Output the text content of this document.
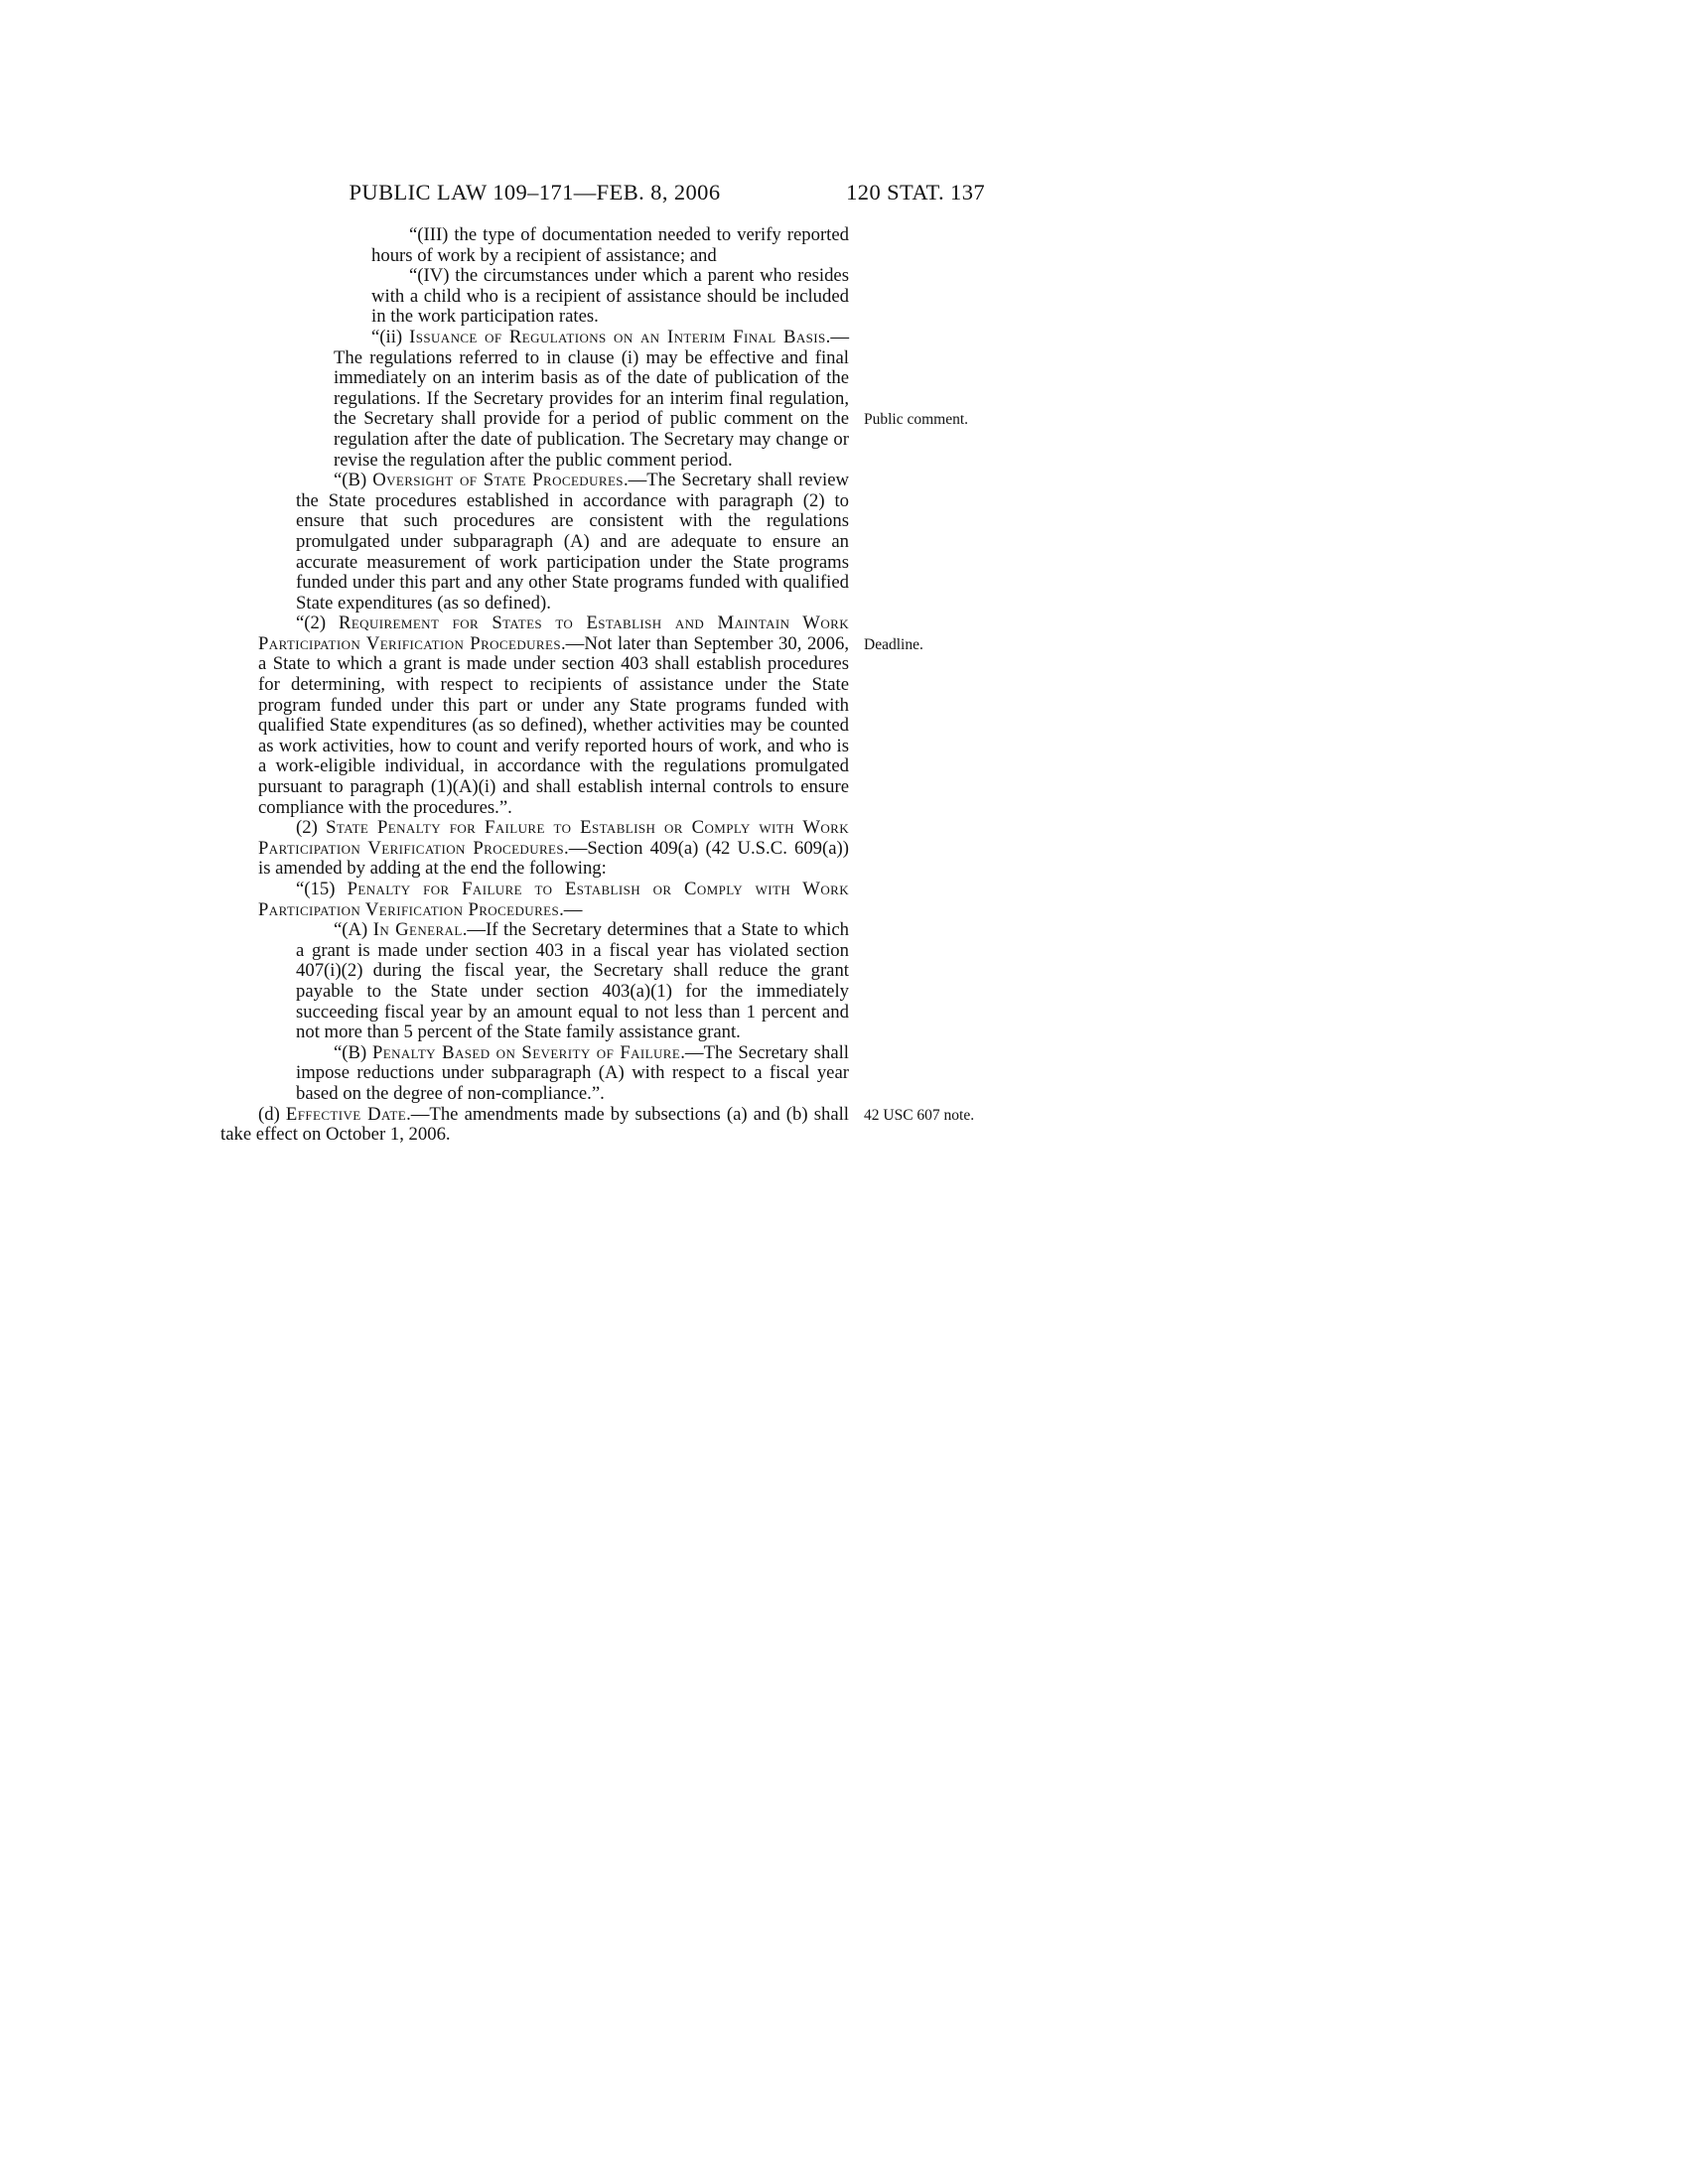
PUBLIC LAW 109–171—FEB. 8, 2006	120 STAT. 137
“(III) the type of documentation needed to verify reported hours of work by a recipient of assistance; and
“(IV) the circumstances under which a parent who resides with a child who is a recipient of assistance should be included in the work participation rates.
“(ii) Issuance of Regulations on an Interim Final Basis.—The regulations referred to in clause (i) may be effective and final immediately on an interim basis as of the date of publication of the regulations. If the Secretary provides for an interim final regulation, the Secretary shall provide for a period of public comment on the regulation after the date of publication. The Secretary may change or revise the regulation after the public comment period.
Public comment.
“(B) Oversight of State Procedures.—The Secretary shall review the State procedures established in accordance with paragraph (2) to ensure that such procedures are consistent with the regulations promulgated under subparagraph (A) and are adequate to ensure an accurate measurement of work participation under the State programs funded under this part and any other State programs funded with qualified State expenditures (as so defined).
“(2) Requirement for States to Establish and Maintain Work Participation Verification Procedures.—Not later than September 30, 2006, a State to which a grant is made under section 403 shall establish procedures for determining, with respect to recipients of assistance under the State program funded under this part or under any State programs funded with qualified State expenditures (as so defined), whether activities may be counted as work activities, how to count and verify reported hours of work, and who is a work-eligible individual, in accordance with the regulations promulgated pursuant to paragraph (1)(A)(i) and shall establish internal controls to ensure compliance with the procedures.”.
Deadline.
(2) State Penalty for Failure to Establish or Comply with Work Participation Verification Procedures.—Section 409(a) (42 U.S.C. 609(a)) is amended by adding at the end the following:
“(15) Penalty for Failure to Establish or Comply with Work Participation Verification Procedures.—
“(A) In General.—If the Secretary determines that a State to which a grant is made under section 403 in a fiscal year has violated section 407(i)(2) during the fiscal year, the Secretary shall reduce the grant payable to the State under section 403(a)(1) for the immediately succeeding fiscal year by an amount equal to not less than 1 percent and not more than 5 percent of the State family assistance grant.
“(B) Penalty Based on Severity of Failure.—The Secretary shall impose reductions under subparagraph (A) with respect to a fiscal year based on the degree of non-compliance.”.
(d) Effective Date.—The amendments made by subsections (a) and (b) shall take effect on October 1, 2006.
42 USC 607 note.
